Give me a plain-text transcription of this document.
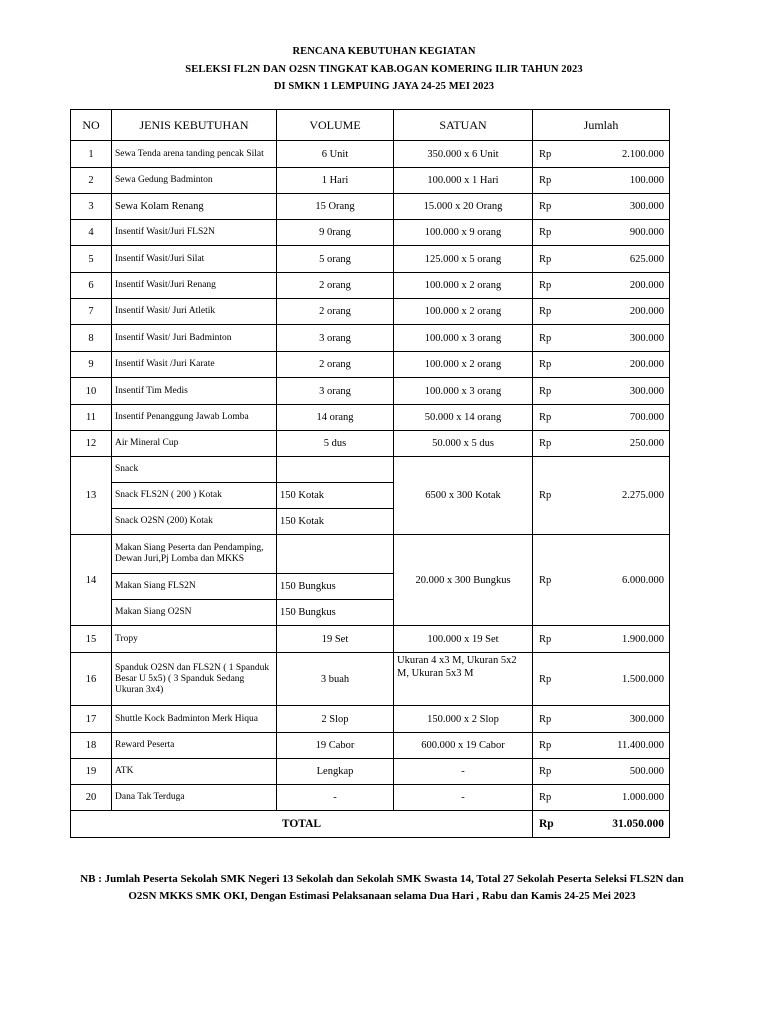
RENCANA KEBUTUHAN KEGIATAN
SELEKSI FL2N DAN O2SN TINGKAT KAB.OGAN KOMERING ILIR TAHUN 2023
DI SMKN 1 LEMPUING JAYA 24-25 MEI 2023
NO	JENIS KEBUTUHAN	VOLUME	SATUAN	Jumlah
1	Sewa Tenda arena tanding pencak Silat	6 Unit	350.000 x 6 Unit	Rp 2.100.000

2	Sewa Gedung Badminton	1 Hari	100.000 x 1 Hari	Rp 100.000

3	Sewa Kolam Renang	15 Orang	15.000 x 20 Orang	Rp 300.000

4	Insentif Wasit/Juri FLS2N	9 0rang	100.000 x 9 orang	Rp 900.000

5	Insentif Wasit/Juri Silat	5 orang	125.000 x 5 orang	Rp 625.000

6	Insentif Wasit/Juri Renang	2 orang	100.000 x 2 orang	Rp 200.000

7	Insentif Wasit/ Juri Atletik	2 orang	100.000 x 2 orang	Rp 200.000

8	Insentif Wasit/ Juri Badminton	3 orang	100.000 x 3 orang	Rp 300.000

9	Insentif Wasit /Juri Karate	2 orang	100.000 x 2 orang	Rp 200.000

10	Insentif Tim Medis	3 orang	100.000 x 3 orang	Rp 300.000

11	Insentif Penanggung Jawab Lomba	14 orang	50.000 x 14 orang	Rp 700.000

12	Air Mineral Cup	5 dus	50.000 x 5 dus	Rp 250.000

13	Snack		6500 x 300 Kotak	Rp 2.275.000

	Snack FLS2N ( 200 ) Kotak	150 Kotak		
	Snack O2SN (200) Kotak	150 Kotak		
14	Makan Siang Peserta dan Pendamping, Dewan Juri,Pj Lomba dan MKKS		20.000 x 300 Bungkus	Rp 6.000.000

	Makan Siang FLS2N	150 Bungkus		
	Makan Siang O2SN	150 Bungkus		
15	Tropy	19 Set	100.000 x 19 Set	Rp 1.900.000

16	Spanduk O2SN dan FLS2N ( 1 Spanduk Besar U 5x5) ( 3 Spanduk Sedang Ukuran 3x4)	3 buah	Ukuran 4 x3 M, Ukuran 5x2 M, Ukuran 5x3 M	Rp 1.500.000

17	Shuttle Kock Badminton Merk Hiqua	2 Slop	150.000 x 2 Slop	Rp 300.000

18	Reward Peserta	19 Cabor	600.000 x 19 Cabor	Rp 11.400.000

19	ATK	Lengkap	-	Rp 500.000

20	Dana Tak Terduga	-	-	Rp 1.000.000

TOTAL				Rp 31.050.000
NB : Jumlah Peserta Sekolah SMK Negeri 13 Sekolah dan Sekolah SMK Swasta 14, Total 27 Sekolah Peserta Seleksi FLS2N dan O2SN MKKS SMK OKI, Dengan Estimasi Pelaksanaan selama Dua Hari , Rabu dan Kamis 24-25 Mei 2023
